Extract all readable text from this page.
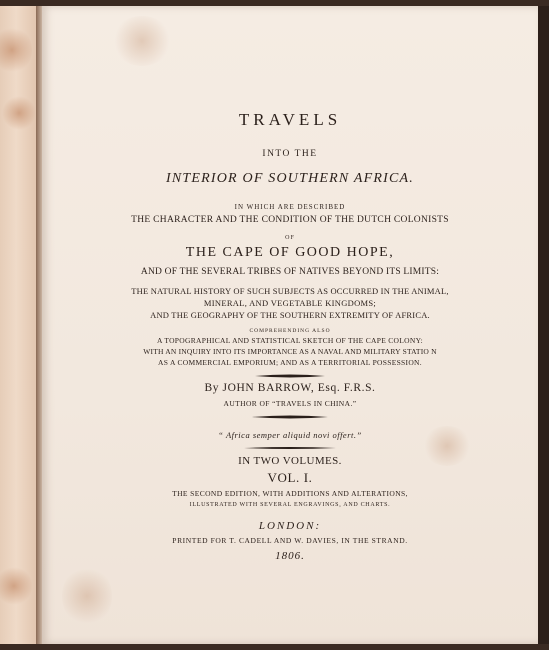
TRAVELS
INTO THE
INTERIOR OF SOUTHERN AFRICA.
IN WHICH ARE DESCRIBED
THE CHARACTER AND THE CONDITION OF THE DUTCH COLONISTS
OF
THE CAPE OF GOOD HOPE,
AND OF THE SEVERAL TRIBES OF NATIVES BEYOND ITS LIMITS:
THE NATURAL HISTORY OF SUCH SUBJECTS AS OCCURRED IN THE ANIMAL,
MINERAL, AND VEGETABLE KINGDOMS;
AND THE GEOGRAPHY OF THE SOUTHERN EXTREMITY OF AFRICA.
COMPREHENDING ALSO
A TOPOGRAPHICAL AND STATISTICAL SKETCH OF THE CAPE COLONY:
WITH AN INQUIRY INTO ITS IMPORTANCE AS A NAVAL AND MILITARY STATIO N
AS A COMMERCIAL EMPORIUM; AND AS A TERRITORIAL POSSESSION.
By JOHN BARROW, Esq. F.R.S.
AUTHOR OF “TRAVELS IN CHINA.”
“ Africa semper aliquid novi offert.”
IN TWO VOLUMES.
VOL. I.
THE SECOND EDITION, WITH ADDITIONS AND ALTERATIONS,
ILLUSTRATED WITH SEVERAL ENGRAVINGS, AND CHARTS.
LONDON:
PRINTED FOR T. CADELL AND W. DAVIES, IN THE STRAND.
1806.
